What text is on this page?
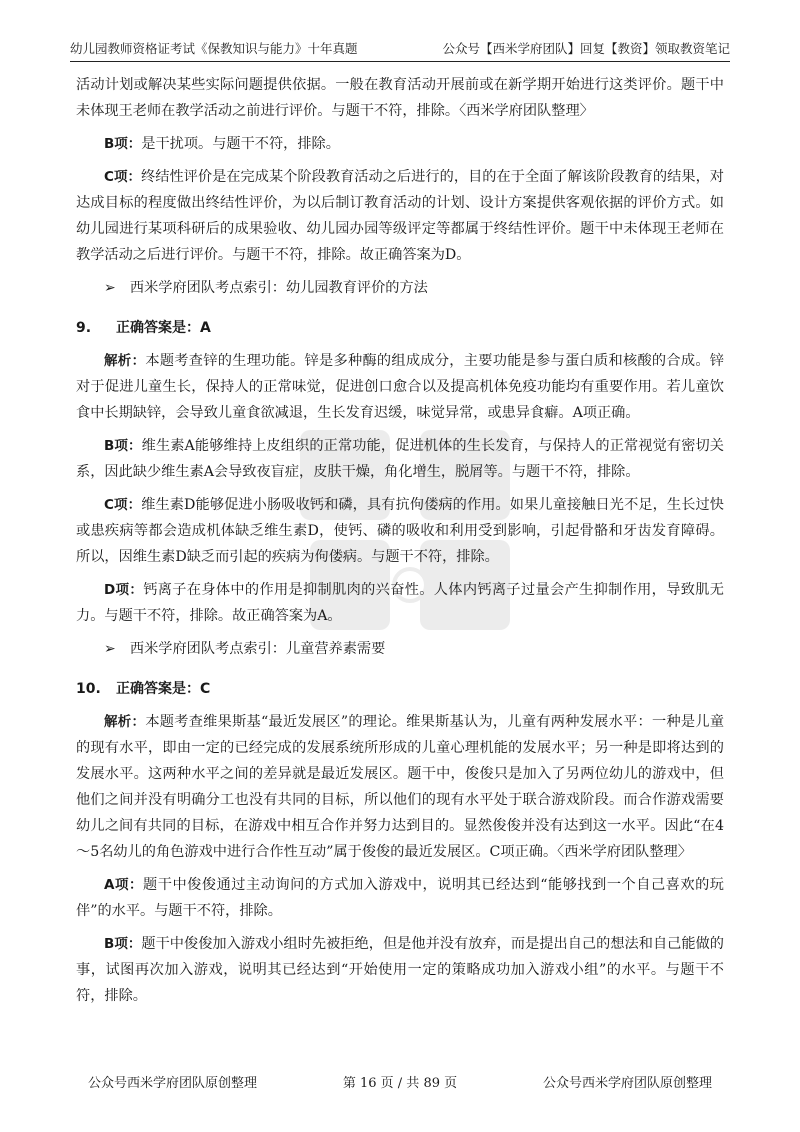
幼儿园教师资格证考试《保教知识与能力》十年真题	公众号【西米学府团队】回复【教资】领取教资笔记

活动计划或解决某些实际问题提供依据。一般在教育活动开展前或在新学期开始进行这类评价。题干中未体现王老师在教学活动之前进行评价。与题干不符，排除。〈西米学府团队整理〉

B项：是干扰项。与题干不符，排除。

C项：终结性评价是在完成某个阶段教育活动之后进行的，目的在于全面了解该阶段教育的结果，对达成目标的程度做出终结性评价，为以后制订教育活动的计划、设计方案提供客观依据的评价方式。如幼儿园进行某项科研后的成果验收、幼儿园办园等级评定等都属于终结性评价。题干中未体现王老师在教学活动之后进行评价。与题干不符，排除。故正确答案为D。

➢ 西米学府团队考点索引：幼儿园教育评价的方法

9. 正确答案是：A

解析：本题考查锌的生理功能。锌是多种酶的组成成分，主要功能是参与蛋白质和核酸的合成。锌对于促进儿童生长，保持人的正常味觉，促进创口愈合以及提高机体免疫功能均有重要作用。若儿童饮食中长期缺锌，会导致儿童食欲减退，生长发育迟缓，味觉异常，或患异食癖。A项正确。

B项：维生素A能够维持上皮组织的正常功能，促进机体的生长发育，与保持人的正常视觉有密切关系，因此缺少维生素A会导致夜盲症，皮肤干燥，角化增生，脱屑等。与题干不符，排除。

C项：维生素D能够促进小肠吸收钙和磷，具有抗佝偻病的作用。如果儿童接触日光不足，生长过快或患疾病等都会造成机体缺乏维生素D，使钙、磷的吸收和利用受到影响，引起骨骼和牙齿发育障碍。所以，因维生素D缺乏而引起的疾病为佝偻病。与题干不符，排除。

D项：钙离子在身体中的作用是抑制肌肉的兴奋性。人体内钙离子过量会产生抑制作用，导致肌无力。与题干不符，排除。故正确答案为A。

➢ 西米学府团队考点索引：儿童营养素需要

10. 正确答案是：C

解析：本题考查维果斯基“最近发展区”的理论。维果斯基认为，儿童有两种发展水平：一种是儿童的现有水平，即由一定的已经完成的发展系统所形成的儿童心理机能的发展水平；另一种是即将达到的发展水平。这两种水平之间的差异就是最近发展区。题干中，俊俊只是加入了另两位幼儿的游戏中，但他们之间并没有明确分工也没有共同的目标，所以他们的现有水平处于联合游戏阶段。而合作游戏需要幼儿之间有共同的目标，在游戏中相互合作并努力达到目的。显然俊俊并没有达到这一水平。因此“在4～5名幼儿的角色游戏中进行合作性互动”属于俊俊的最近发展区。C项正确。〈西米学府团队整理〉

A项：题干中俊俊通过主动询问的方式加入游戏中，说明其已经达到“能够找到一个自己喜欢的玩伴”的水平。与题干不符，排除。

B项：题干中俊俊加入游戏小组时先被拒绝，但是他并没有放弃，而是提出自己的想法和自己能做的事，试图再次加入游戏，说明其已经达到“开始使用一定的策略成功加入游戏小组”的水平。与题干不符，排除。

公众号西米学府团队原创整理	第 16 页 / 共 89 页	公众号西米学府团队原创整理
